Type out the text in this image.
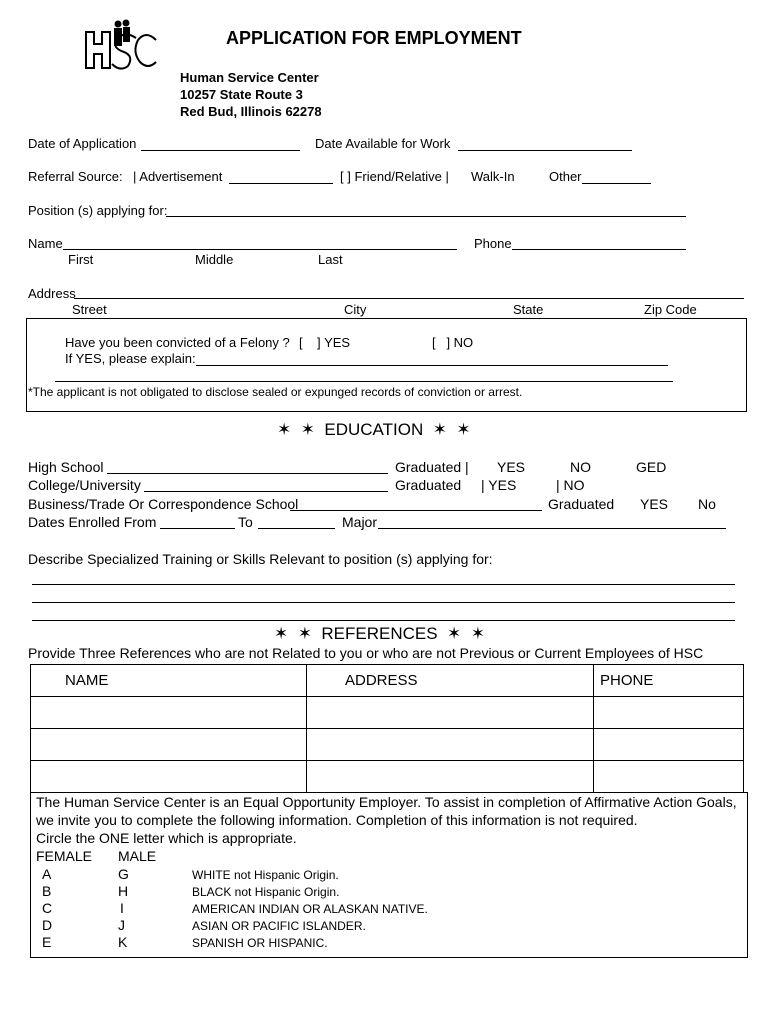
HSC
APPLICATION FOR EMPLOYMENT
Human Service Center
10257 State Route 3
Red Bud, Illinois 62278
Date of Application	Date Available for Work
Referral Source: | Advertisement	[ ] Friend/Relative | Walk-In	Other
Position (s) applying for:
Name	Phone
First	Middle	Last
Address
Street	City	State	Zip Code
Have you been convicted of a Felony ? [    ] YES	[   ] NO
If YES, please explain:
*The applicant is not obligated to disclose sealed or expunged records of conviction or arrest.
✶  ✶ EDUCATION ✶  ✶
High School	Graduated | YES	NO	GED
College/University	Graduated | YES	| NO
Business/Trade Or Correspondence School	Graduated YES No
Dates Enrolled From	To	Major
Describe Specialized Training or Skills Relevant to position (s) applying for:
✶  ✶ REFERENCES ✶  ✶
Provide Three References who are not Related to you or who are not Previous or Current Employees of HSC
NAME	ADDRESS	PHONE

The Human Service Center is an Equal Opportunity Employer. To assist in completion of Affirmative Action Goals,
we invite you to complete the following information. Completion of this information is not required.
Circle the ONE letter which is appropriate.
FEMALE MALE
A	G	WHITE not Hispanic Origin.
B	H	BLACK not Hispanic Origin.
C	I	AMERICAN INDIAN OR ALASKAN NATIVE.
D	J	ASIAN OR PACIFIC ISLANDER.
E	K	SPANISH OR HISPANIC.
